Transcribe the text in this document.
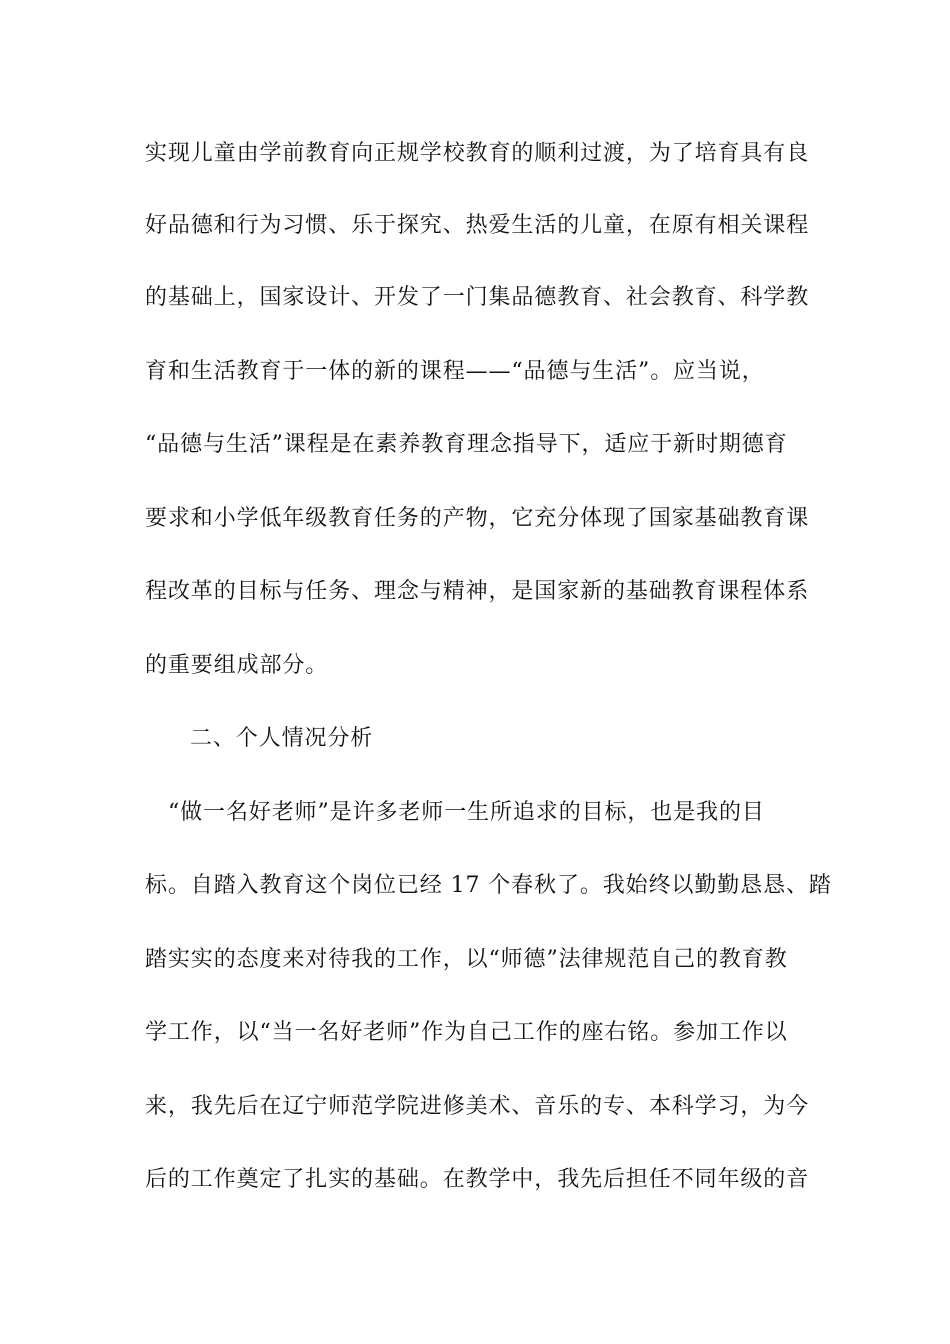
实现儿童由学前教育向正规学校教育的顺利过渡，为了培育具有良
好品德和行为习惯、乐于探究、热爱生活的儿童，在原有相关课程
的基础上，国家设计、开发了一门集品德教育、社会教育、科学教
育和生活教育于一体的新的课程——“品德与生活”。应当说，
“品德与生活”课程是在素养教育理念指导下，适应于新时期德育
要求和小学低年级教育任务的产物，它充分体现了国家基础教育课
程改革的目标与任务、理念与精神，是国家新的基础教育课程体系
的重要组成部分。
二、个人情况分析
“做一名好老师”是许多老师一生所追求的目标，也是我的目
标。自踏入教育这个岗位已经 17 个春秋了。我始终以勤勤恳恳、踏
踏实实的态度来对待我的工作，以“师德”法律规范自己的教育教
学工作，以“当一名好老师”作为自己工作的座右铭。参加工作以
来，我先后在辽宁师范学院进修美术、音乐的专、本科学习，为今
后的工作奠定了扎实的基础。在教学中，我先后担任不同年级的音
